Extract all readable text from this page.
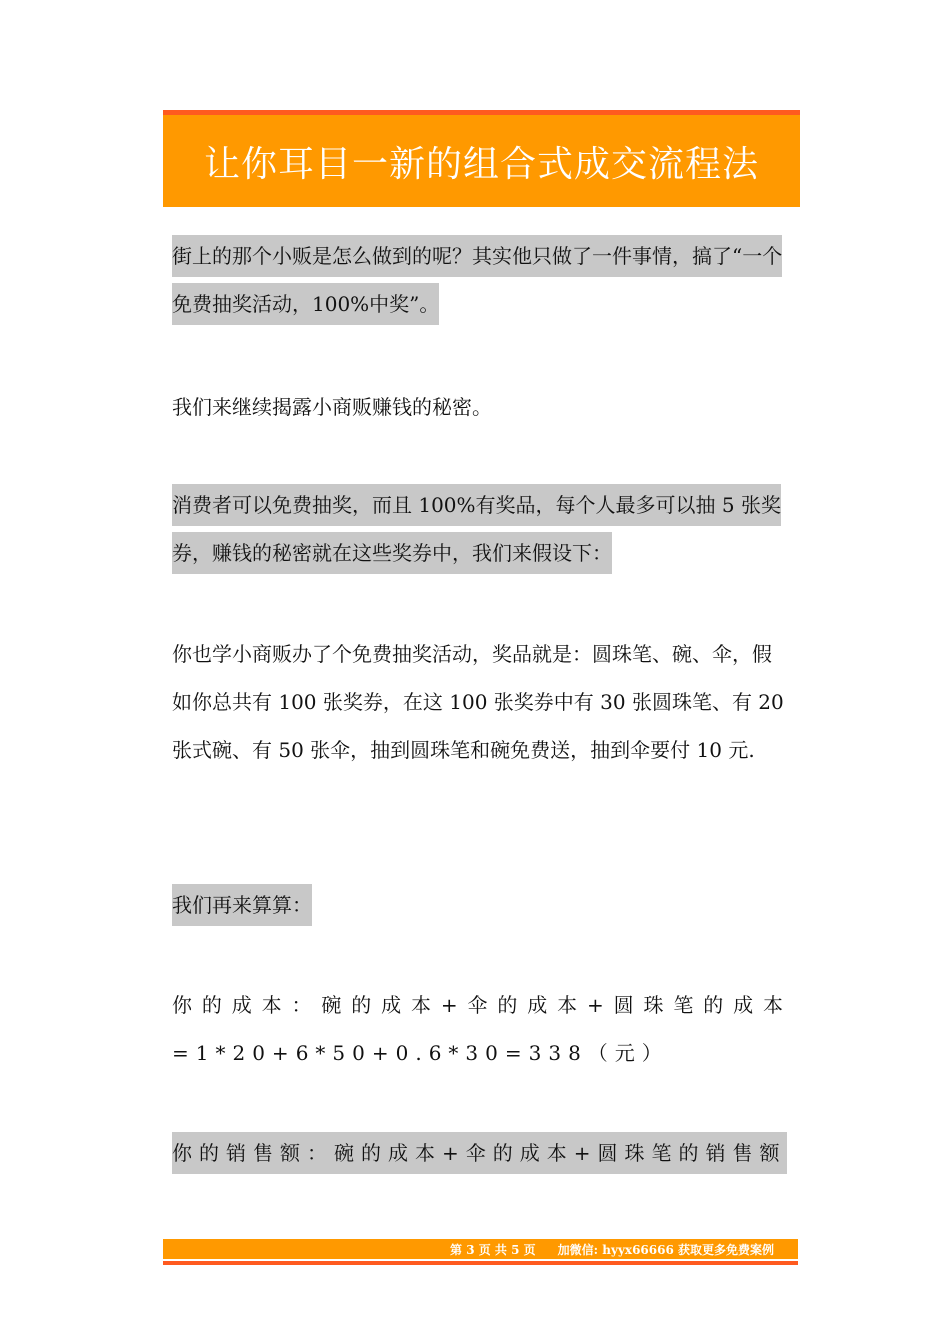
让你耳目一新的组合式成交流程法

街上的那个小贩是怎么做到的呢？其实他只做了一件事情，搞了“一个免费抽奖活动，100%中奖”。

我们来继续揭露小商贩赚钱的秘密。

消费者可以免费抽奖，而且 100%有奖品，每个人最多可以抽 5 张奖券，赚钱的秘密就在这些奖券中，我们来假设下：

你也学小商贩办了个免费抽奖活动，奖品就是：圆珠笔、碗、伞，假如你总共有 100 张奖券，在这 100 张奖券中有 30 张圆珠笔、有 20 张式碗、有 50 张伞，抽到圆珠笔和碗免费送，抽到伞要付 10 元.

我们再来算算：

你的成本：碗的成本+伞的成本+圆珠笔的成本 =1*20+6*50+0.6*30=338（元）

你的销售额：碗的成本+伞的成本+圆珠笔的销售额

第 3 页 共 5 页 加微信: hyyx66666 获取更多免费案例
